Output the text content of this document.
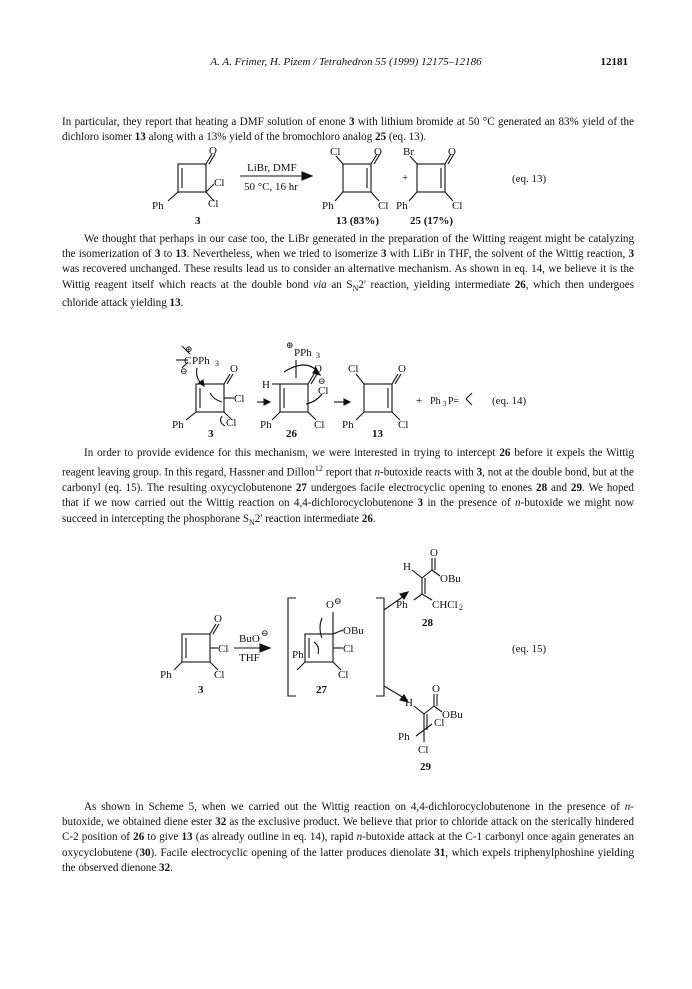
A. A. Frimer, H. Pizem / Tetrahedron 55 (1999) 12175–12186	12181

In particular, they report that heating a DMF solution of enone 3 with lithium bromide at 50 °C generated an 83% yield of the dichloro isomer 13 along with a 13% yield of the bromochloro analog 25 (eq. 13).

O
Cl
Cl
Ph
3
LiBr, DMF
50 °C, 16 hr
Cl	O
Ph	Cl
13 (83%)
+
Br	O
Ph	Cl
25 (17%)
(eq. 13)

We thought that perhaps in our case too, the LiBr generated in the preparation of the Witting reagent might be catalyzing the isomerization of 3 to 13. Nevertheless, when we tried to isomerize 3 with LiBr in THF, the solvent of the Wittig reaction, 3 was recovered unchanged. These results lead us to consider an alternative mechanism. As shown in eq. 14, we believe it is the Wittig reagent itself which reacts at the double bond via an $S_N2'$ reaction, yielding intermediate 26, which then undergoes chloride attack yielding 13.

⊕
C PPh 3
⊖	O
Cl
Cl
Ph
3
⊕
PPh 3
H
O
⊖
Cl
Ph	Cl
26
Cl	O
Ph	Cl
13
+ Ph 3 P=	(eq. 14)

In order to provide evidence for this mechanism, we were interested in trying to intercept 26 before it expels the Wittig reagent leaving group. In this regard, Hassner and Dillon$^{12}$ report that n-butoxide reacts with 3, not at the double bond, but at the carbonyl (eq. 15). The resulting oxycyclobutenone 27 undergoes facile electrocyclic opening to enones 28 and 29. We hoped that if we now carried out the Wittig reaction on 4,4-dichlorocyclobutenone 3 in the presence of n-butoxide we might now succeed in intercepting the phosphorane $S_N2'$ reaction intermediate 26.

O
Cl
Cl
Ph
3
BuO ⊖
THF
O ⊖
OBu
Cl
Cl
Ph
27
H
O
OBu
Ph CHCl 2
28
(eq. 15)
H
O
OBu
Ph
Cl
Cl
29

As shown in Scheme 5, when we carried out the Wittig reaction on 4,4-dichlorocyclobutenone in the presence of n-butoxide, we obtained diene ester 32 as the exclusive product. We believe that prior to chloride attack on the sterically hindered C-2 position of 26 to give 13 (as already outline in eq. 14), rapid n-butoxide attack at the C-1 carbonyl once again generates an oxycyclobutene (30). Facile electrocyclic opening of the latter produces dienolate 31, which expels triphenylphoshine yielding the observed dienone 32.
